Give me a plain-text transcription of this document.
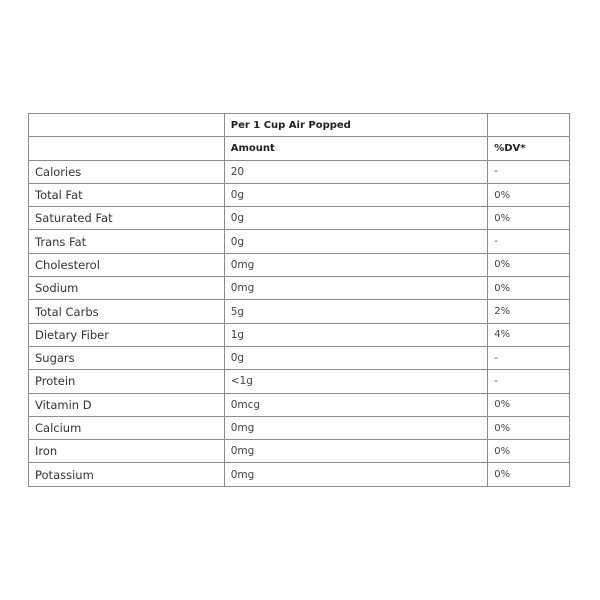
	Per 1 Cup Air Popped	
	Amount	%DV*
Calories	20	-
Total Fat	0g	0%
Saturated Fat	0g	0%
Trans Fat	0g	-
Cholesterol	0mg	0%
Sodium	0mg	0%
Total Carbs	5g	2%
Dietary Fiber	1g	4%
Sugars	0g	-
Protein	<1g	-
Vitamin D	0mcg	0%
Calcium	0mg	0%
Iron	0mg	0%
Potassium	0mg	0%
